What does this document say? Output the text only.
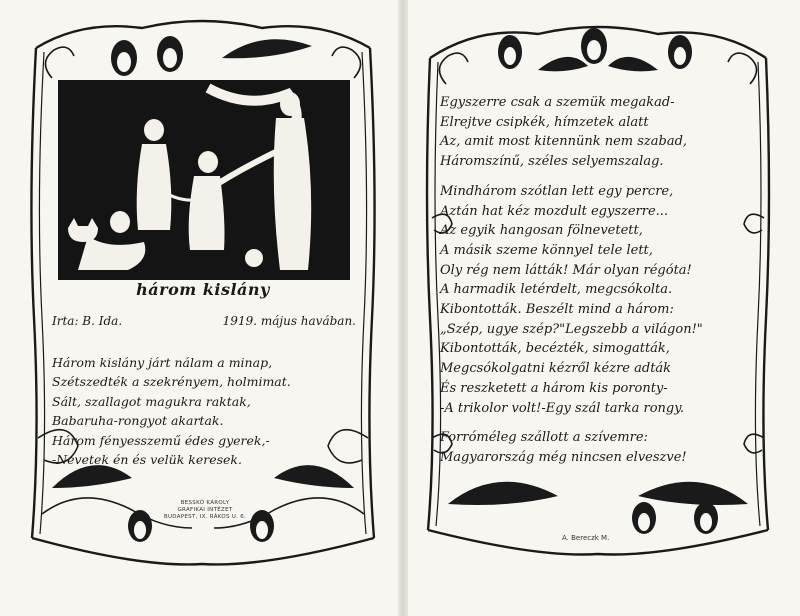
három kislány
Irta: B. Ida.	1919. május havában.
Három kislány járt nálam a minap,
Szétszedték a szekrényem, holmimat.
Sált, szallagot magukra raktak,
Babaruha-rongyot akartak.
Három fényesszemű édes gyerek,-
-Nevetek én és velük keresek.
BESSKÓ KÁROLY
GRAFIKAI INTÉZET
BUDAPEST, IX. RÁKOS U. 6.
Egyszerre csak a szemük megakad-
Elrejtve csipkék, hímzetek alatt
Az, amit most kitennünk nem szabad,
Háromszínű, széles selyemszalag.
Mindhárom szótlan lett egy percre,
Aztán hat kéz mozdult egyszerre...
Az egyik hangosan fölnevetett,
A másik szeme könnyel tele lett,
Oly rég nem látták! Már olyan régóta!
A harmadik letérdelt, megcsókolta.
Kibontották. Beszélt mind a három:
„Szép, ugye szép?"Legszebb a világon!"
Kibontották, becézték, simogatták,
Megcsókolgatni kézről kézre adták
És reszketett a három kis poronty-
-A trikolor volt!-Egy szál tarka rongy.
Forróméleg szállott a szívemre:
Magyarország még nincsen elveszve!
A. Bereczk M.
